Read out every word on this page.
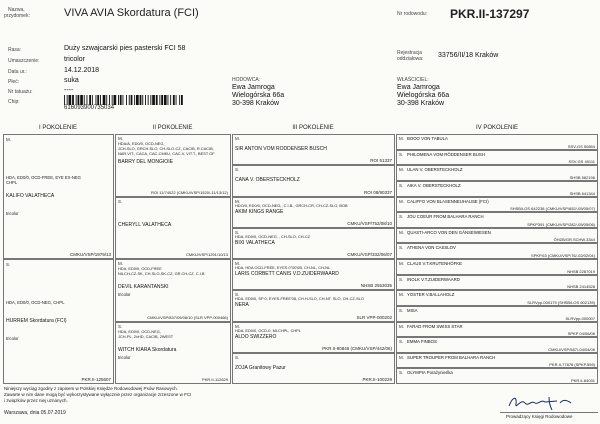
Nazwa,
przydomek:	VIVA AVIA Skordatura (FCI)	Nr rodowodu: PKR.II-137297
Rasa:	Duży szwajcarski pies pasterski FCI 58
Umaszczenie:	tricolor
Data ur.:	14.12.2018
Płeć:	suka
Nr tatuażu:	----
Chip:
616093900735034
Rejestracja
oddziałowa: 33756/II/18 Kraków
HODOWCA:
Ewa Jamroga
Wielogórska 66a
30-398 Kraków
WŁAŚCICIEL:
Ewa Jamroga
Wielogórska 66a
30-398 Kraków
I POKOLENIE	II POKOLENIE	III POKOLENIE	IV POKOLENIE
M.
HDA, ED0/0, OCD-FREE, EYE EX-NEG
CHPL
KALIFO VALATHECA
tricolor
CMKU/VSP/1979/13
S.
HDA, ED0/0, OCD-NEG, CHPL
HURREM Skordatura (FCI)
tricolor
PKR.II-125607
M.
HDA/A, ED0/0, OCD-NEG,
JCH-SLO, GRCH-SLO, CH-SLO-CZ, CACIB, R.CACIB,
NAR.VIT., CACA, CAC-CMKU, CAC-V, VIT.T., BEST OF
BARRY DEL MONGIOIE
ROI 11/74022 (CMKU/VSP/1520/-11/13/12)
S.
CHERYLL VALATHECA
CMKU/VSP/1291/10/13
M.
HDA, ED0/0, OCD-FREE
NILCH-CZ-SK, CH-SLO-SK-CZ, GR.CH-CZ, C.I.B.
DEVIL KARANTANSKI
tricolor
CMKU/VSP/837/09/08/10 (SLR VPP-000466)
S.
HDA, ED0/0, OCD-NEG,
JCH-PL, 2xHD, CACIB, 2WEST
WITCH KIARA Skordatura
tricolor
PKR.II-112629
M.
SIR ANTON VOM RÖDDENSER BUSCH
ROI 51337
S.
CANA V. OBERSTECKHOLZ
ROI 08/90337
M.
HDO/0, ED0/0, OCD-NEG,, C.I.B., GRCH-CR, CH-CZ-SLO, BOB
AKIM KINGS RANGE
CMKU/VSP/752/08/10
S.
HDA, ED0/0, OCD-NEG, , CH-SLO, CH-CZ
BIXI VALATHECA
CMKU/VSP/332/06/07
M.
HDA, HDA OCD-FREE, EYES 0°00'0B, CH-NL, CH-NL
LARIS CORBETT CANIS V.D.ZUIDERWAARD
NHSB 2553035
S.
HDA, ED0/0, SP 0, EYES-FREE'08, CH.H-SLO, CH-NT. SLO, CH-CZ-SLO
NERA
SLR VPP-000202
M.
HDA, ED0/0, OCD-0, MLCHPL, CHPL
ALDO SWIZZERO
PKR.II-90846 (CMKU/VSP/442/06)
S.
ZOJA Granitowy Pazur
PKR.II-100229
M. BOOO VON TABULA
SSV-GS 50854
S. PHILOMENA VOM RÖDDENSER BUSH
SSV-GS 49111
M. ULAN V. OBERSTECKHOLZ
SHSB 582196
S. AIKA V. OBERSTECKHOLZ
SHSB 641344
M. CALIFFO VON BLASENNEUHAUSE (FCI)
SHSB/LOS 642238 (CMKU/VSP/652/-05/05/07)
S. JOU COEUR FROM BALHARA RANCH
SPKP391 (CMKU/VSP/282/-05/05/06)
M. QUASTI-ARCO VON DEN GÄNSEWIESEN
ÖHZB/GR.SCHW.3344
S. ATHENA VON CASSLOV
SPKP.63 (CMKU/VSP/76/-02/02/04)
M. CLAUS V.T.KRUTENHÖFKE
NHSB 2267019
S. INOLK V.T.ZUIDERWAARD
NHSB 2414528
M. YOSTER V.BALLAHOLZ
SLRVpp-000179 (SHSB/LOS 602139)
S. MISA
SLRVpp-000007
M. FARAD FROM SWISS STAR
SPKP 04/06/06
S. EMMA FINBOS
CMKU/VSP/587/-04/04/06
M. SUPER TROUPER FROM BALHARA RANCH
PKR.II-77878 (SPKP.559)
S. OLYMPIA Porażynieńka
PKR.II-84031
Niniejszy wyciąg zgodny z zapisem w Polskiej Księdze Rodowodowej Psów Rasowych.
Zawarte w nim dane mogą być wykorzystywane wyłącznie przez organizacje zrzeszone w FCI
i związków przez niej uznanych.
Warszawa, dnia 05.07.2019
Prowadzący Księgi Rodowodowe
